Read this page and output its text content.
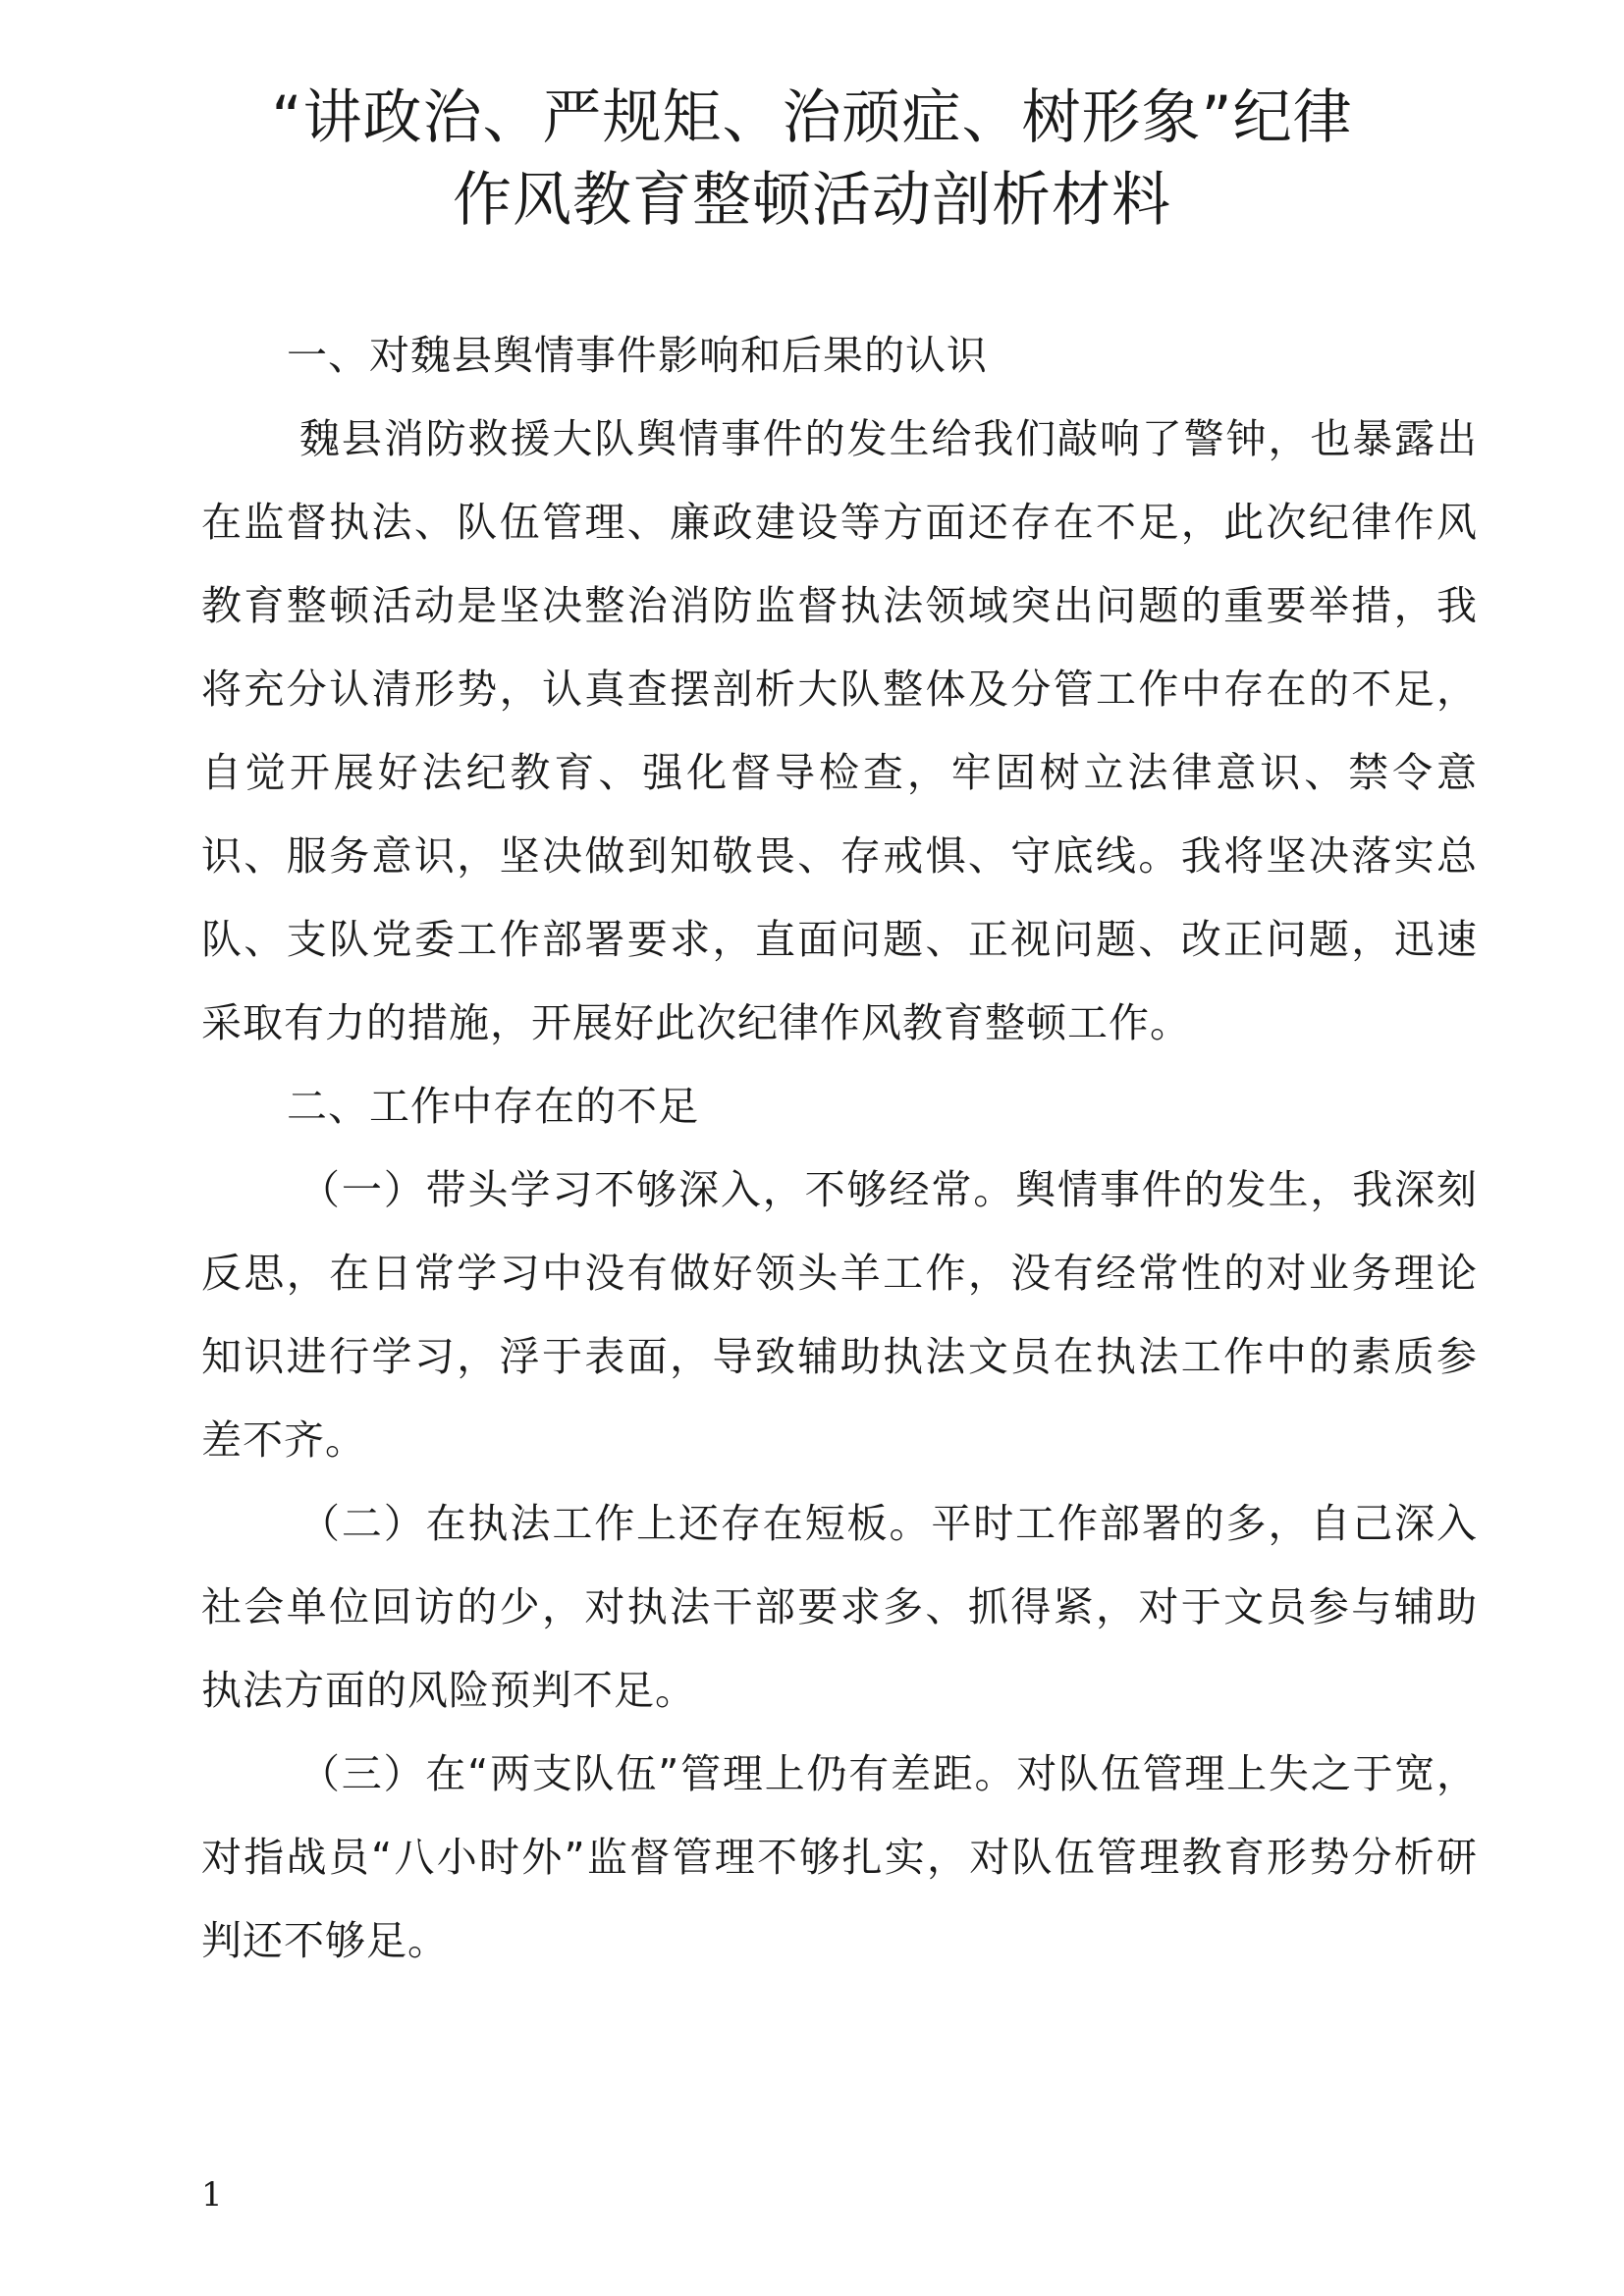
“讲政治、严规矩、治顽症、树形象”纪律
作风教育整顿活动剖析材料

一、对魏县舆情事件影响和后果的认识

魏县消防救援大队舆情事件的发生给我们敲响了警钟，也暴露出在监督执法、队伍管理、廉政建设等方面还存在不足，此次纪律作风教育整顿活动是坚决整治消防监督执法领域突出问题的重要举措，我将充分认清形势，认真查摆剖析大队整体及分管工作中存在的不足，自觉开展好法纪教育、强化督导检查，牢固树立法律意识、禁令意识、服务意识，坚决做到知敬畏、存戒惧、守底线。我将坚决落实总队、支队党委工作部署要求，直面问题、正视问题、改正问题，迅速采取有力的措施，开展好此次纪律作风教育整顿工作。

二、工作中存在的不足

（一）带头学习不够深入，不够经常。舆情事件的发生，我深刻反思，在日常学习中没有做好领头羊工作，没有经常性的对业务理论知识进行学习，浮于表面，导致辅助执法文员在执法工作中的素质参差不齐。

（二）在执法工作上还存在短板。平时工作部署的多，自己深入社会单位回访的少，对执法干部要求多、抓得紧，对于文员参与辅助执法方面的风险预判不足。

（三）在“两支队伍”管理上仍有差距。对队伍管理上失之于宽，对指战员“八小时外”监督管理不够扎实，对队伍管理教育形势分析研判还不够足。

1
